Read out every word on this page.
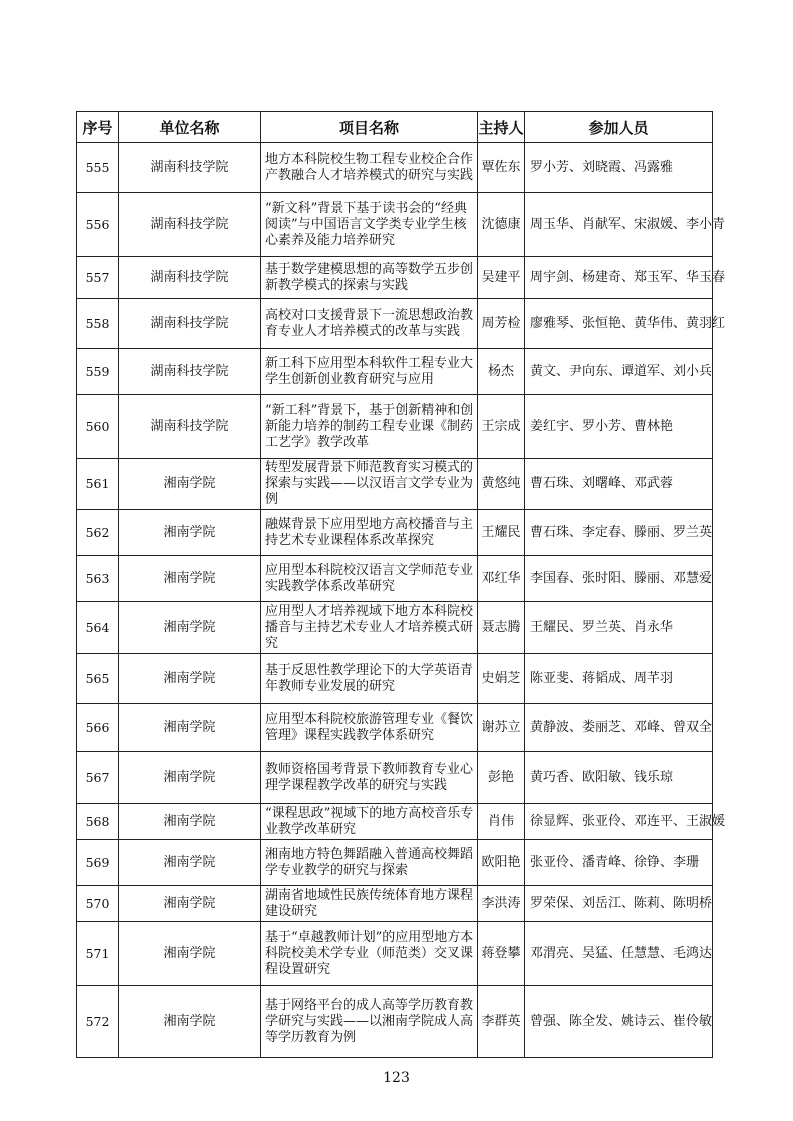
序号	单位名称	项目名称	主持人	参加人员
555	湖南科技学院	地方本科院校生物工程专业校企合作产教融合人才培养模式的研究与实践	覃佐东	罗小芳、刘晓霞、冯露雅
556	湖南科技学院	“新文科”背景下基于读书会的“经典阅读”与中国语言文学类专业学生核心素养及能力培养研究	沈德康	周玉华、肖献军、宋淑媛、李小青
557	湖南科技学院	基于数学建模思想的高等数学五步创新教学模式的探索与实践	吴建平	周宇剑、杨建奇、郑玉军、华玉春
558	湖南科技学院	高校对口支援背景下一流思想政治教育专业人才培养模式的改革与实践	周芳检	廖雅琴、张恒艳、黄华伟、黄羽红
559	湖南科技学院	新工科下应用型本科软件工程专业大学生创新创业教育研究与应用	杨杰	黄文、尹向东、谭道军、刘小兵
560	湖南科技学院	“新工科”背景下，基于创新精神和创新能力培养的制药工程专业课《制药工艺学》教学改革	王宗成	姜红宇、罗小芳、曹林艳
561	湘南学院	转型发展背景下师范教育实习模式的探索与实践——以汉语言文学专业为例	黄悠纯	曹石珠、刘曙峰、邓武蓉
562	湘南学院	融媒背景下应用型地方高校播音与主持艺术专业课程体系改革探究	王耀民	曹石珠、李定春、滕丽、罗兰英
563	湘南学院	应用型本科院校汉语言文学师范专业实践教学体系改革研究	邓红华	李国春、张时阳、滕丽、邓慧爱
564	湘南学院	应用型人才培养视域下地方本科院校播音与主持艺术专业人才培养模式研究	聂志腾	王耀民、罗兰英、肖永华
565	湘南学院	基于反思性教学理论下的大学英语青年教师专业发展的研究	史娟芝	陈亚斐、蒋韬成、周芊羽
566	湘南学院	应用型本科院校旅游管理专业《餐饮管理》课程实践教学体系研究	谢苏立	黄静波、娄丽芝、邓峰、曾双全
567	湘南学院	教师资格国考背景下教师教育专业心理学课程教学改革的研究与实践	彭艳	黄巧香、欧阳敏、钱乐琼
568	湘南学院	“课程思政”视域下的地方高校音乐专业教学改革研究	肖伟	徐显辉、张亚伶、邓连平、王淑媛
569	湘南学院	湘南地方特色舞蹈融入普通高校舞蹈学专业教学的研究与探索	欧阳艳	张亚伶、潘青峰、徐铮、李珊
570	湘南学院	湖南省地域性民族传统体育地方课程建设研究	李洪涛	罗荣保、刘岳江、陈莉、陈明桥
571	湘南学院	基于“卓越教师计划”的应用型地方本科院校美术学专业（师范类）交叉课程设置研究	蒋登攀	邓渭亮、吴猛、任慧慧、毛鸿达
572	湘南学院	基于网络平台的成人高等学历教育教学研究与实践——以湘南学院成人高等学历教育为例	李群英	曾强、陈全发、姚诗云、崔伶敏
123
